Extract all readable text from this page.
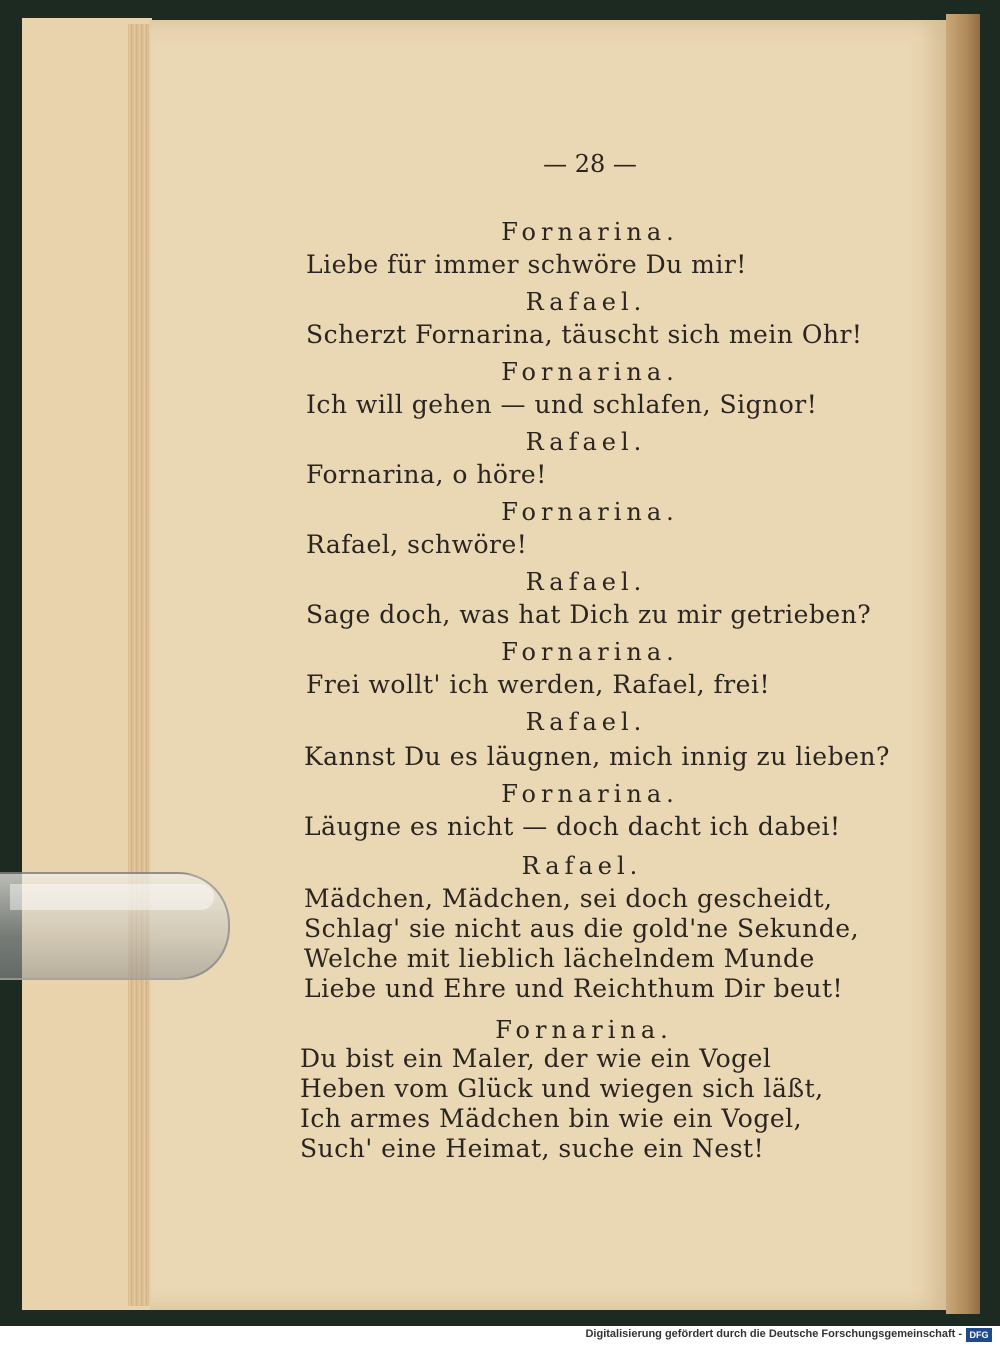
— 28 —
Fornarina.
Liebe für immer schwöre Du mir!
Rafael.
Scherzt Fornarina, täuscht sich mein Ohr!
Fornarina.
Ich will gehen — und schlafen, Signor!
Rafael.
Fornarina, o höre!
Fornarina.
Rafael, schwöre!
Rafael.
Sage doch, was hat Dich zu mir getrieben?
Fornarina.
Frei wollt' ich werden, Rafael, frei!
Rafael.
Kannst Du es läugnen, mich innig zu lieben?
Fornarina.
Läugne es nicht — doch dacht ich dabei!
Rafael.
Mädchen, Mädchen, sei doch gescheidt,
Schlag' sie nicht aus die gold'ne Sekunde,
Welche mit lieblich lächelndem Munde
Liebe und Ehre und Reichthum Dir beut!
Fornarina.
Du bist ein Maler, der wie ein Vogel
Heben vom Glück und wiegen sich läßt,
Ich armes Mädchen bin wie ein Vogel,
Such' eine Heimat, suche ein Nest!
Digitalisierung gefördert durch die Deutsche Forschungsgemeinschaft - DFG
